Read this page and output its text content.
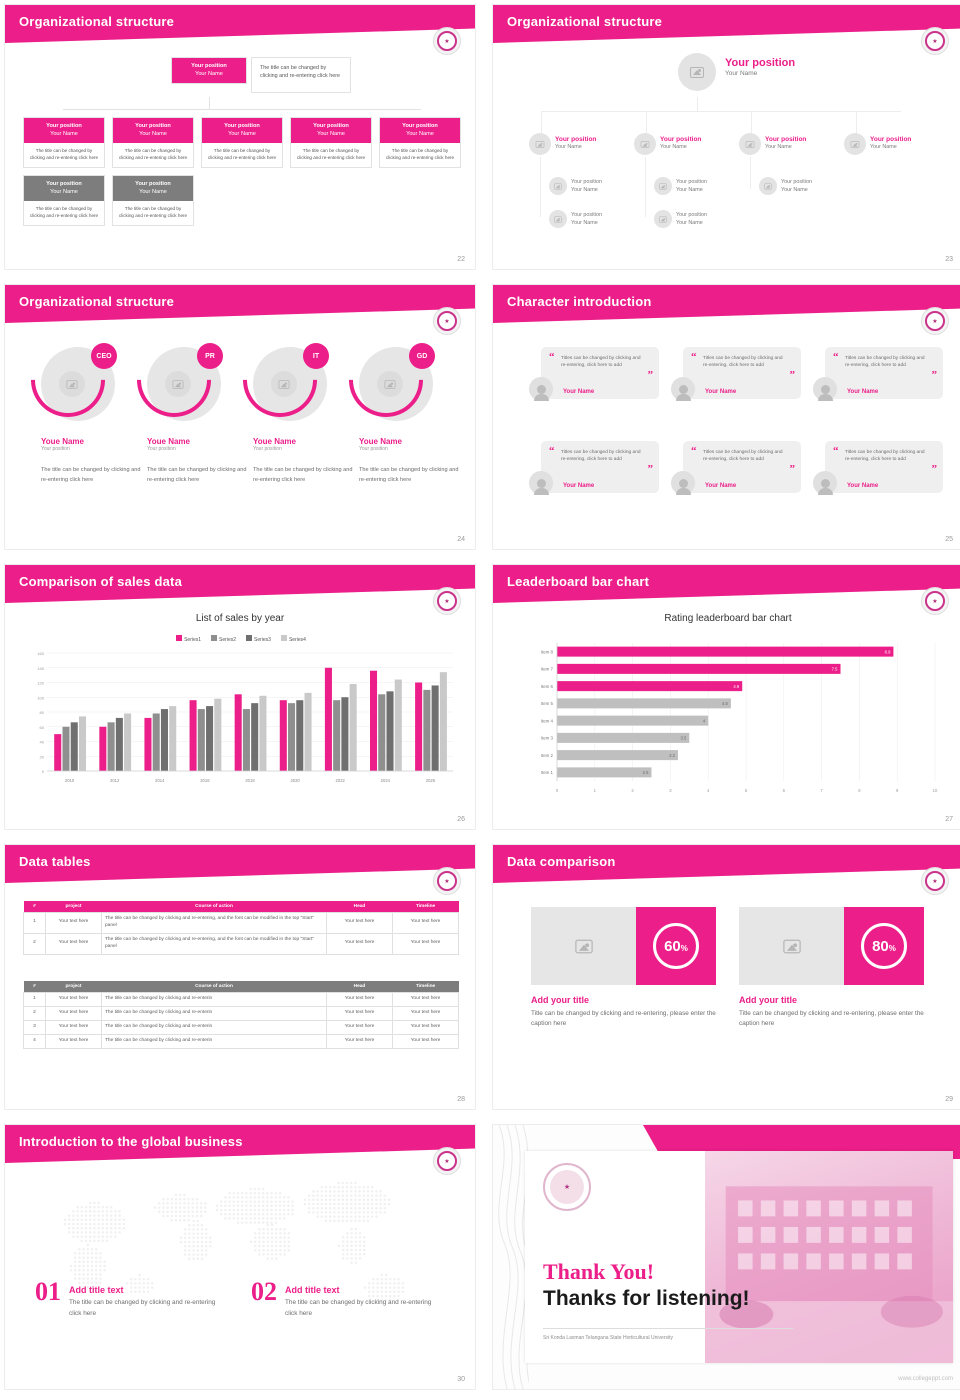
Organizational structure
★
Your position
Your Name
The title can be changed by clicking and re-entering click here
Your position
Your Name
The title can be changed by clicking and re-entering click here
Your position
Your Name
The title can be changed by clicking and re-entering click here
Your position
Your Name
The title can be changed by clicking and re-entering click here
Your position
Your Name
The title can be changed by clicking and re-entering click here
Your position
Your Name
The title can be changed by clicking and re-entering click here
Your position
Your Name
The title can be changed by clicking and re-entering click here
Your position
Your Name
The title can be changed by clicking and re-entering click here
22
Organizational structure
★
Your position
Your Name
Your position
Your Name
Your position
Your Name
Your position
Your Name
Your position
Your Name
Your position
Your Name
Your position
Your Name
Your position
Your Name
Your position
Your Name
Your position
Your Name
23
Organizational structure
★
CEO
Youe Name
Your position
The title can be changed by clicking and re-entering click here
PR
Youe Name
Your position
The title can be changed by clicking and re-entering click here
IT
Youe Name
Your position
The title can be changed by clicking and re-entering click here
GD
Youe Name
Your position
The title can be changed by clicking and re-entering click here
24
Character introduction
★
“
”
Titles can be changed by clicking and re-entering, click here to add
Your Name
“
”
Titles can be changed by clicking and re-entering, click here to add
Your Name
“
”
Titles can be changed by clicking and re-entering, click here to add
Your Name
“
”
Titles can be changed by clicking and re-entering, click here to add
Your Name
“
”
Titles can be changed by clicking and re-entering, click here to add
Your Name
“
”
Titles can be changed by clicking and re-entering, click here to add
Your Name
25
Comparison of sales data
★
List of sales by year
Series1	Series2	Series3	Series4
0
20
40
60
80
100
120
140
160
2010	2012	2014	2016	2018	2020	2022	2024	2026
26
Leaderboard bar chart
★
Rating leaderboard bar chart
0	1	2	3	4	5	6	7	8	9	10
Item 1	2.5
Item 2	3.2
Item 3	3.5
Item 4	4
Item 5	4.6
Item 6	4.9
Item 7	7.5
Item 8	8.9
27
Data tables
★
#	project	Course of action	Head	Timeline
1	Your text here	The title can be changed by clicking and re-entering, and the font can be modified in the top "Start" panel	Your text here	Your text here
2	Your text here	The title can be changed by clicking and re-entering, and the font can be modified in the top "Start" panel	Your text here	Your text here
#	project	Course of action	Head	Timeline
1	Your text here	The title can be changed by clicking and re-enterin	Your text here	Your text here
2	Your text here	The title can be changed by clicking and re-enterin	Your text here	Your text here
3	Your text here	The title can be changed by clicking and re-enterin	Your text here	Your text here
4	Your text here	The title can be changed by clicking and re-enterin	Your text here	Your text here
28
Data comparison
★
60%
Add your title
Title can be changed by clicking and re-entering, please enter the caption here
80%
Add your title
Title can be changed by clicking and re-entering, please enter the caption here
29
Introduction to the global business
★
01 Add title text
The title can be changed by clicking and re-entering click here
02 Add title text
The title can be changed by clicking and re-entering click here
30
★
Thank You!
Thanks for listening!
Sri Konda Laxman Telangana State Horticultural University
www.collegeppt.com
